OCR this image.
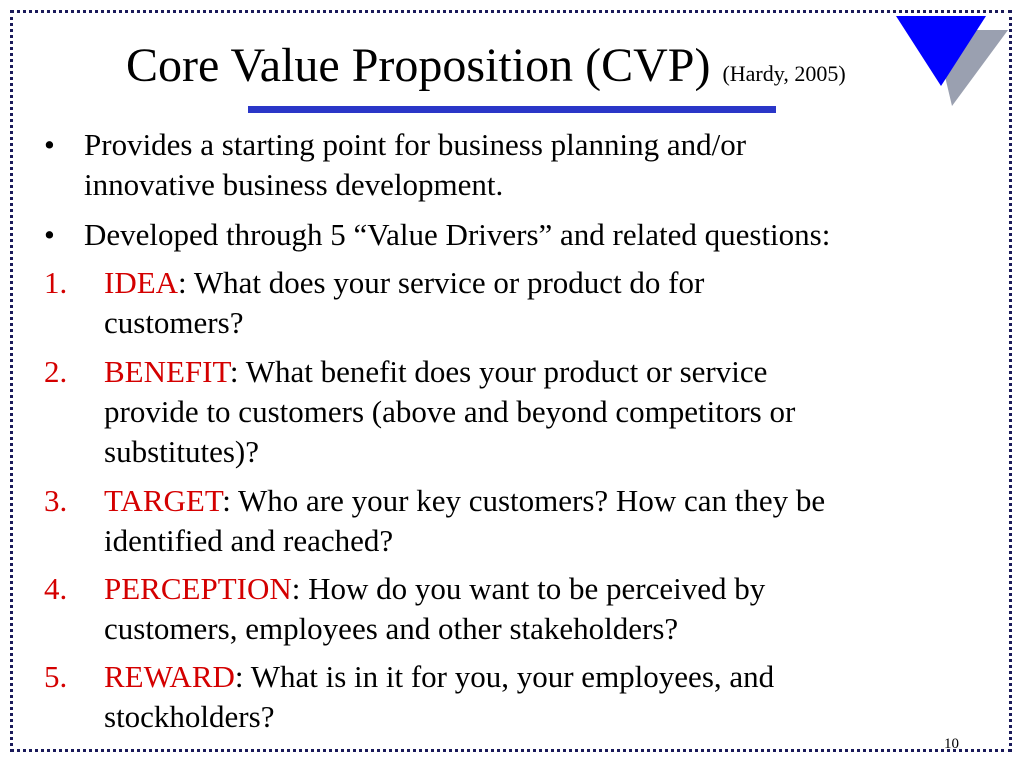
Core Value Proposition (CVP) (Hardy, 2005)
• Provides a starting point for business planning and/or
innovative business development.
• Developed through 5 “Value Drivers” and related questions:
1. IDEA: What does your service or product do for
customers?
2. BENEFIT: What benefit does your product or service
provide to customers (above and beyond competitors or
substitutes)?
3. TARGET: Who are your key customers? How can they be
identified and reached?
4. PERCEPTION: How do you want to be perceived by
customers, employees and other stakeholders?
5. REWARD: What is in it for you, your employees, and
stockholders?
10
